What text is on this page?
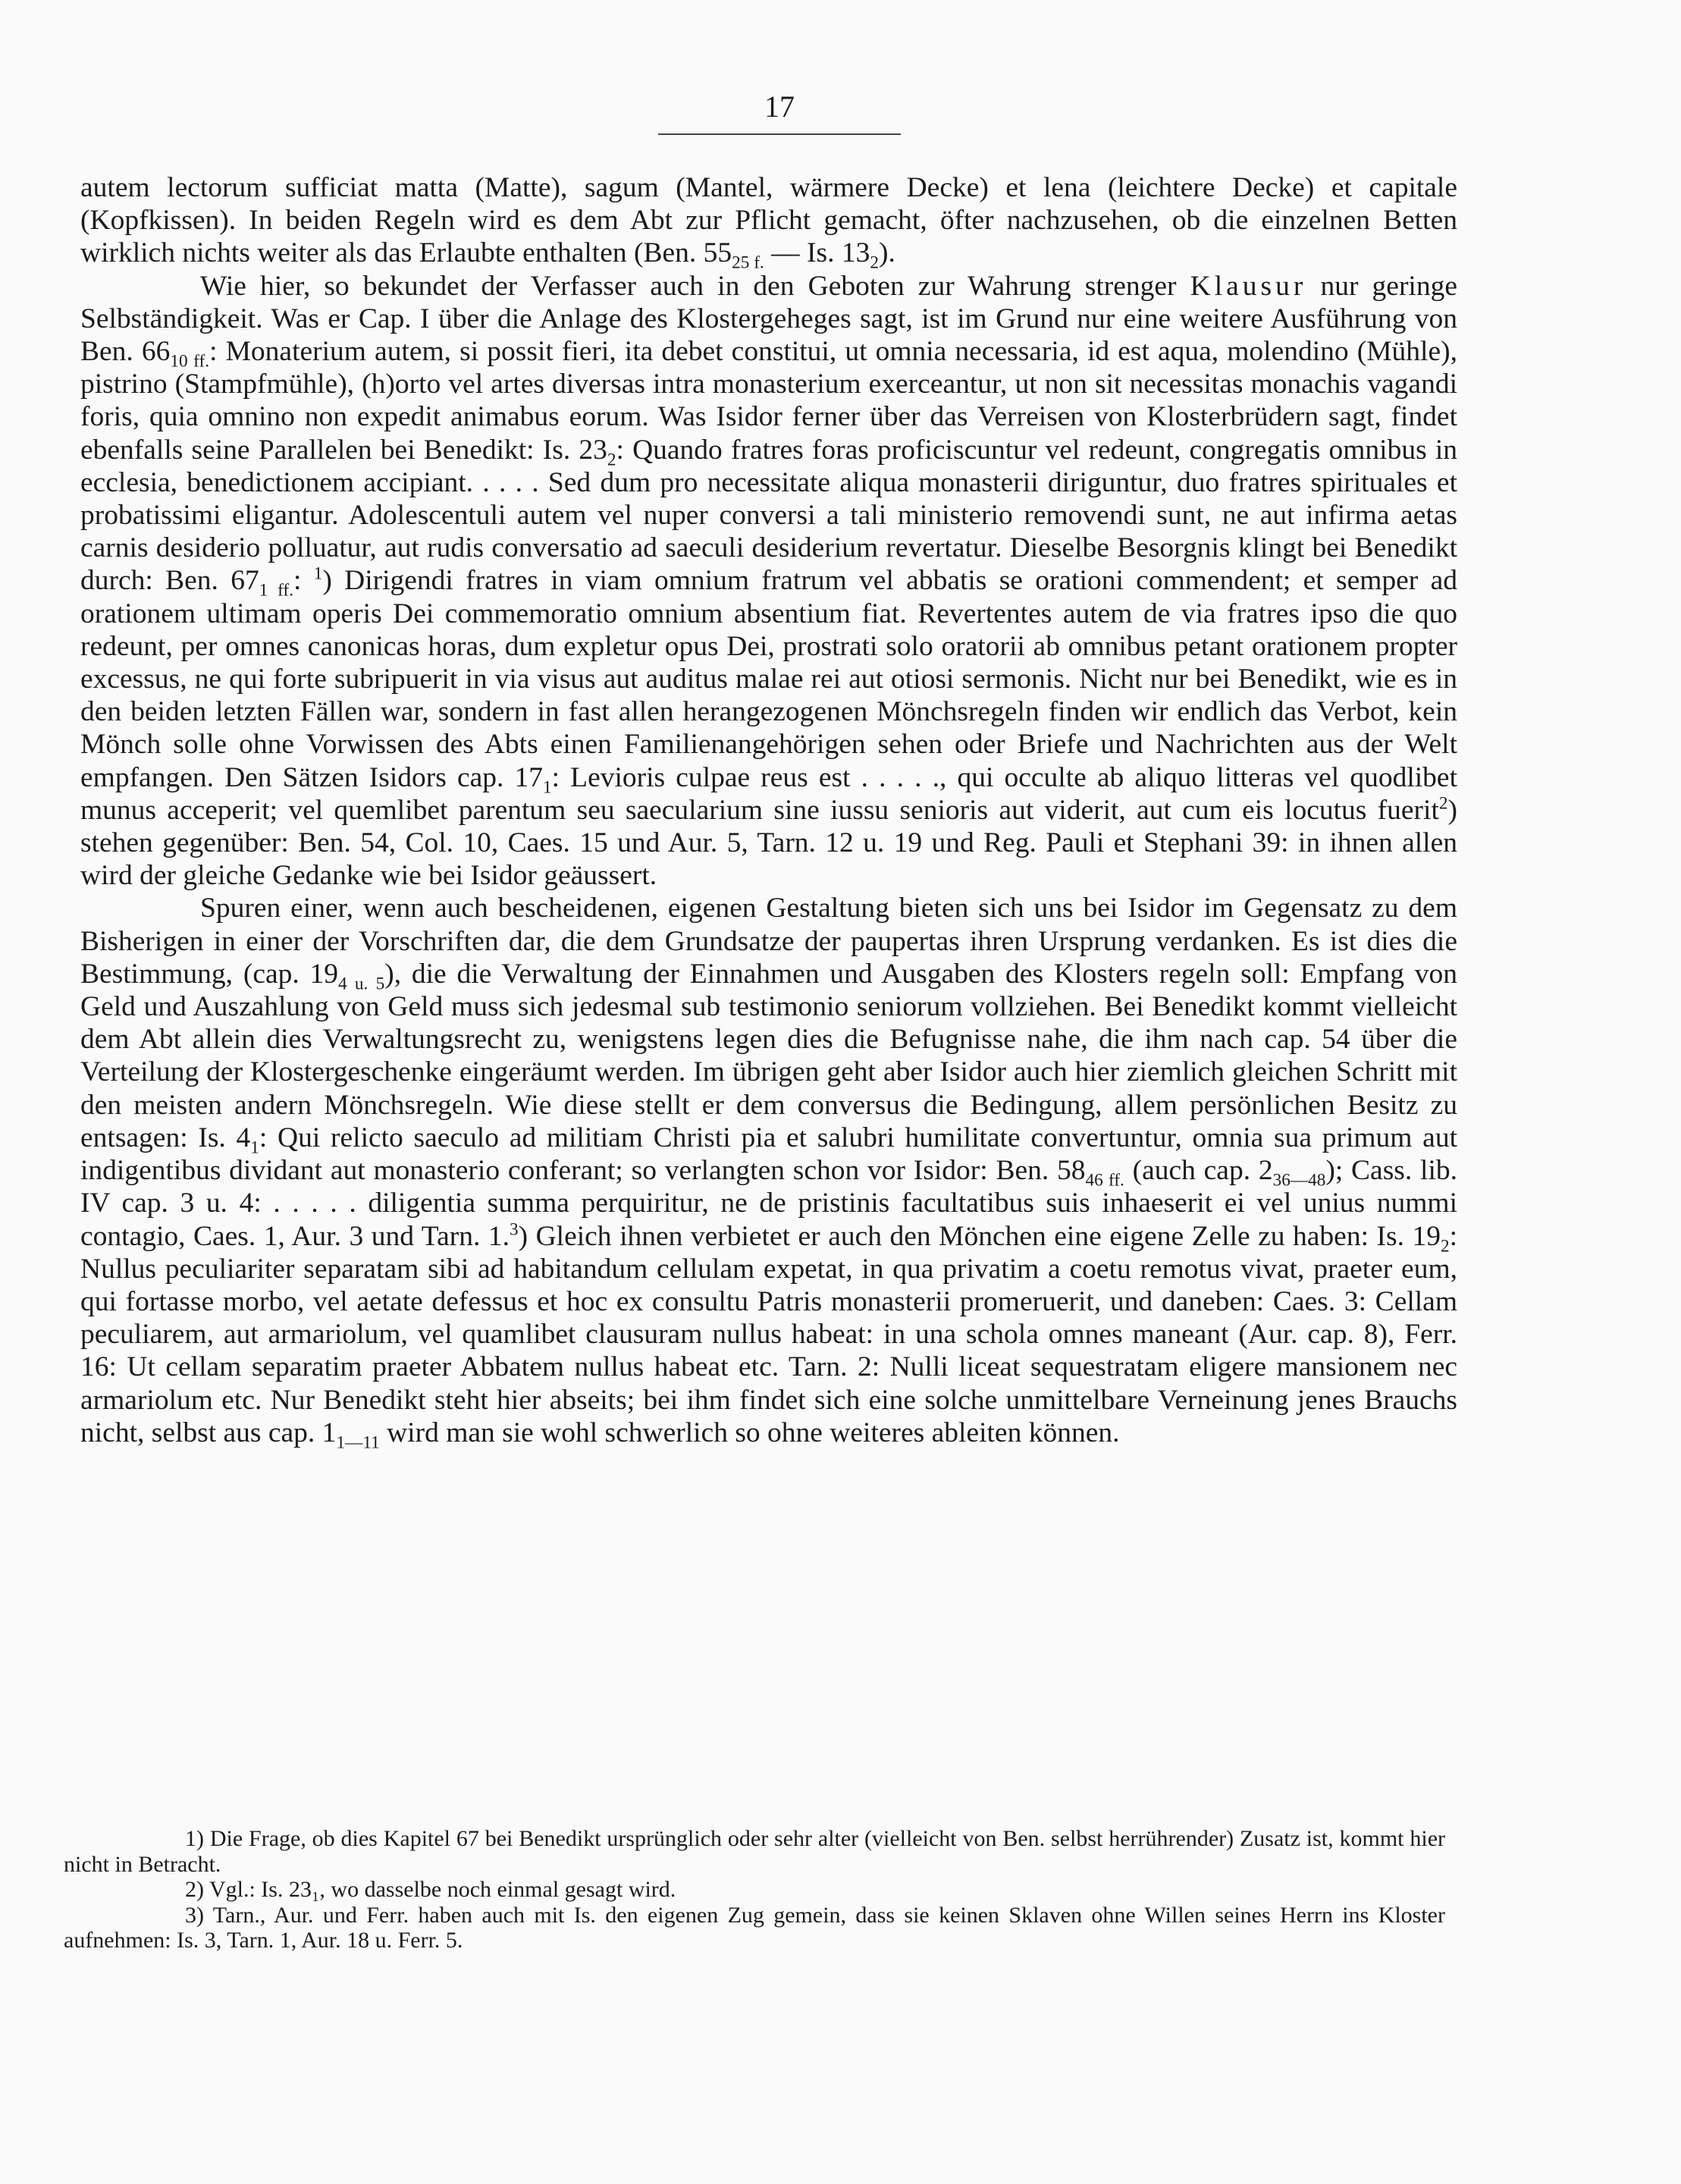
17

autem lectorum sufficiat matta (Matte), sagum (Mantel, wärmere Decke) et lena (leichtere Decke) et capitale (Kopfkissen). In beiden Regeln wird es dem Abt zur Pflicht gemacht, öfter nachzusehen, ob die einzelnen Betten wirklich nichts weiter als das Erlaubte enthalten (Ben. $55_{25 f.}$ — Is. $13_2$).

Wie hier, so bekundet der Verfasser auch in den Geboten zur Wahrung strenger Klausur nur geringe Selbständigkeit. Was er Cap. I über die Anlage des Klostergeheges sagt, ist im Grund nur eine weitere Ausführung von Ben. $66_{10 ff.}$: Monaterium autem, si possit fieri, ita debet constitui, ut omnia necessaria, id est aqua, molendino (Mühle), pistrino (Stampfmühle), (h)orto vel artes diversas intra monasterium exerceantur, ut non sit necessitas monachis vagandi foris, quia omnino non expedit animabus eorum. Was Isidor ferner über das Verreisen von Klosterbrüdern sagt, findet ebenfalls seine Parallelen bei Benedikt: Is. $23_2$: Quando fratres foras proficiscuntur vel redeunt, congregatis omnibus in ecclesia, benedictionem accipiant. . . . . Sed dum pro necessitate aliqua monasterii diriguntur, duo fratres spirituales et probatissimi eligantur. Adolescentuli autem vel nuper conversi a tali ministerio removendi sunt, ne aut infirma aetas carnis desiderio polluatur, aut rudis conversatio ad saeculi desiderium revertatur. Dieselbe Besorgnis klingt bei Benedikt durch: Ben. $67_{1 ff.}$: $^1$) Dirigendi fratres in viam omnium fratrum vel abbatis se orationi commendent; et semper ad orationem ultimam operis Dei commemoratio omnium absentium fiat. Revertentes autem de via fratres ipso die quo redeunt, per omnes canonicas horas, dum expletur opus Dei, prostrati solo oratorii ab omnibus petant orationem propter excessus, ne qui forte subripuerit in via visus aut auditus malae rei aut otiosi sermonis. Nicht nur bei Benedikt, wie es in den beiden letzten Fällen war, sondern in fast allen herangezogenen Mönchsregeln finden wir endlich das Verbot, kein Mönch solle ohne Vorwissen des Abts einen Familienangehörigen sehen oder Briefe und Nachrichten aus der Welt empfangen. Den Sätzen Isidors cap. $17_1$: Levioris culpae reus est . . . . ., qui occulte ab aliquo litteras vel quodlibet munus acceperit; vel quemlibet parentum seu saecularium sine iussu senioris aut viderit, aut cum eis locutus fuerit$^2$) stehen gegenüber: Ben. 54, Col. 10, Caes. 15 und Aur. 5, Tarn. 12 u. 19 und Reg. Pauli et Stephani 39: in ihnen allen wird der gleiche Gedanke wie bei Isidor geäussert.

Spuren einer, wenn auch bescheidenen, eigenen Gestaltung bieten sich uns bei Isidor im Gegensatz zu dem Bisherigen in einer der Vorschriften dar, die dem Grundsatze der paupertas ihren Ursprung verdanken. Es ist dies die Bestimmung, (cap. $19_{4 u. 5}$), die die Verwaltung der Einnahmen und Ausgaben des Klosters regeln soll: Empfang von Geld und Auszahlung von Geld muss sich jedesmal sub testimonio seniorum vollziehen. Bei Benedikt kommt vielleicht dem Abt allein dies Verwaltungsrecht zu, wenigstens legen dies die Befugnisse nahe, die ihm nach cap. 54 über die Verteilung der Klostergeschenke eingeräumt werden. Im übrigen geht aber Isidor auch hier ziemlich gleichen Schritt mit den meisten andern Mönchsregeln. Wie diese stellt er dem conversus die Bedingung, allem persönlichen Besitz zu entsagen: Is. $4_1$: Qui relicto saeculo ad militiam Christi pia et salubri humilitate convertuntur, omnia sua primum aut indigentibus dividant aut monasterio conferant; so verlangten schon vor Isidor: Ben. $58_{46 ff.}$ (auch cap. $2_{36—48}$); Cass. lib. IV cap. 3 u. 4: . . . . . diligentia summa perquiritur, ne de pristinis facultatibus suis inhaeserit ei vel unius nummi contagio, Caes. 1, Aur. 3 und Tarn. 1.$^3$) Gleich ihnen verbietet er auch den Mönchen eine eigene Zelle zu haben: Is. $19_2$: Nullus peculiariter separatam sibi ad habitandum cellulam expetat, in qua privatim a coetu remotus vivat, praeter eum, qui fortasse morbo, vel aetate defessus et hoc ex consultu Patris monasterii promeruerit, und daneben: Caes. 3: Cellam peculiarem, aut armariolum, vel quamlibet clausuram nullus habeat: in una schola omnes maneant (Aur. cap. 8), Ferr. 16: Ut cellam separatim praeter Abbatem nullus habeat etc. Tarn. 2: Nulli liceat sequestratam eligere mansionem nec armariolum etc. Nur Benedikt steht hier abseits; bei ihm findet sich eine solche unmittelbare Verneinung jenes Brauchs nicht, selbst aus cap. $1_{1—11}$ wird man sie wohl schwerlich so ohne weiteres ableiten können.

1) Die Frage, ob dies Kapitel 67 bei Benedikt ursprünglich oder sehr alter (vielleicht von Ben. selbst herrührender) Zusatz ist, kommt hier nicht in Betracht.

2) Vgl.: Is. 23₁, wo dasselbe noch einmal gesagt wird.

3) Tarn., Aur. und Ferr. haben auch mit Is. den eigenen Zug gemein, dass sie keinen Sklaven ohne Willen seines Herrn ins Kloster aufnehmen: Is. 3, Tarn. 1, Aur. 18 u. Ferr. 5.
